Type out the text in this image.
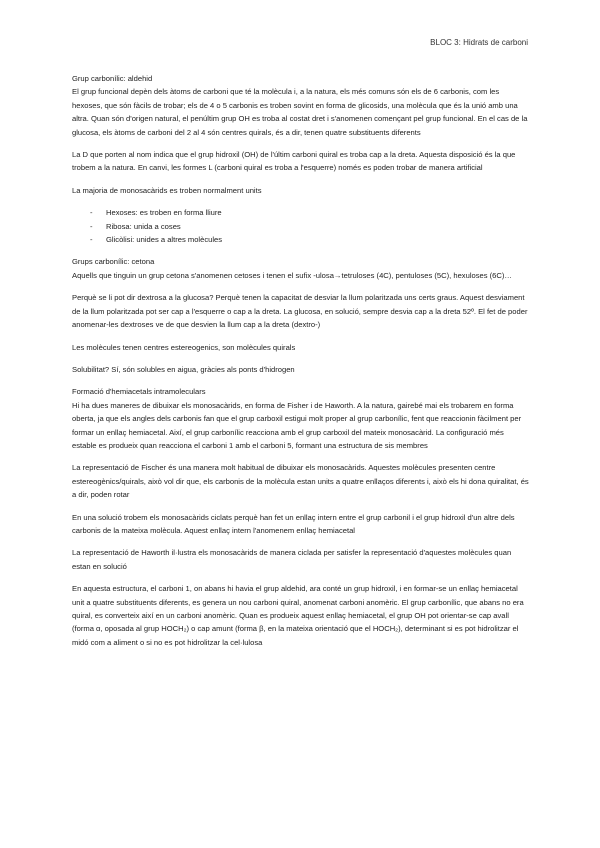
BLOC 3: Hidrats de carboni
Grup carbonílic: aldehid

El grup funcional depèn dels àtoms de carboni que té la molècula i, a la natura, els més comuns són els de 6 carbonis, com les hexoses, que són fàcils de trobar; els de 4 o 5 carbonis es troben sovint en forma de glicosids, una molècula que és la unió amb una altra. Quan són d'origen natural, el penúltim grup OH es troba al costat dret i s'anomenen començant pel grup funcional. En el cas de la glucosa, els àtoms de carboni del 2 al 4 són centres quirals, és a dir, tenen quatre substituents diferents

La D que porten al nom indica que el grup hidroxil (OH) de l'últim carboni quiral es troba cap a la dreta. Aquesta disposició és la que trobem a la natura. En canvi, les formes L (carboni quiral es troba a l'esquerre) només es poden trobar de manera artificial

La majoria de monosacàrids es troben normalment units

- Hexoses: es troben en forma lliure
- Ribosa: unida a coses
- Glicòlisi: unides a altres molècules
Grups carbonílic: cetona

Aquells que tinguin un grup cetona s'anomenen cetoses i tenen el sufix -ulosa→tetruloses (4C), pentuloses (5C), hexuloses (6C)…

Perquè se li pot dir dextrosa a la glucosa? Perquè tenen la capacitat de desviar la llum polaritzada uns certs graus. Aquest desviament de la llum polaritzada pot ser cap a l'esquerre o cap a la dreta. La glucosa, en solució, sempre desvia cap a la dreta 52º. El fet de poder anomenar-les dextroses ve de que desvien la llum cap a la dreta (dextro-)

Les molècules tenen centres estereogenics, son molècules quirals

Solubilitat? Sí, són solubles en aigua, gràcies als ponts d'hidrogen

Formació d'hemiacetals intramoleculars

Hi ha dues maneres de dibuixar els monosacàrids, en forma de Fisher i de Haworth. A la natura, gairebé mai els trobarem en forma oberta, ja que els angles dels carbonis fan que el grup carboxil estigui molt proper al grup carbonílic, fent que reaccionin fàcilment per formar un enllaç hemiacetal. Així, el grup carbonílic reacciona amb el grup carboxil del mateix monosacàrid. La configuració més estable es produeix quan reacciona el carboni 1 amb el carboni 5, formant una estructura de sis membres

La representació de Fischer és una manera molt habitual de dibuixar els monosacàrids. Aquestes molècules presenten centre estereogènics/quirals, això vol dir que, els carbonis de la molècula estan units a quatre enllaços diferents i, això els hi dona quiralitat, és a dir, poden rotar

En una solució trobem els monosacàrids ciclats perquè han fet un enllaç intern entre el grup carbonil i el grup hidroxil d'un altre dels carbonis de la mateixa molècula. Aquest enllaç intern l'anomenem enllaç hemiacetal

La representació de Haworth il·lustra els monosacàrids de manera ciclada per satisfer la representació d'aquestes molècules quan estan en solució

En aquesta estructura, el carboni 1, on abans hi havia el grup aldehid, ara conté un grup hidroxil, i en formar-se un enllaç hemiacetal unit a quatre substituents diferents, es genera un nou carboni quiral, anomenat carboni anomèric. El grup carbonílic, que abans no era quiral, es converteix així en un carboni anomèric. Quan es produeix aquest enllaç hemiacetal, el grup OH pot orientar-se cap avall (forma α, oposada al grup HOCH₂) o cap amunt (forma β, en la mateixa orientació que el HOCH₂), determinant si es pot hidrolitzar el midó com a aliment o si no es pot hidrolitzar la cel·lulosa
